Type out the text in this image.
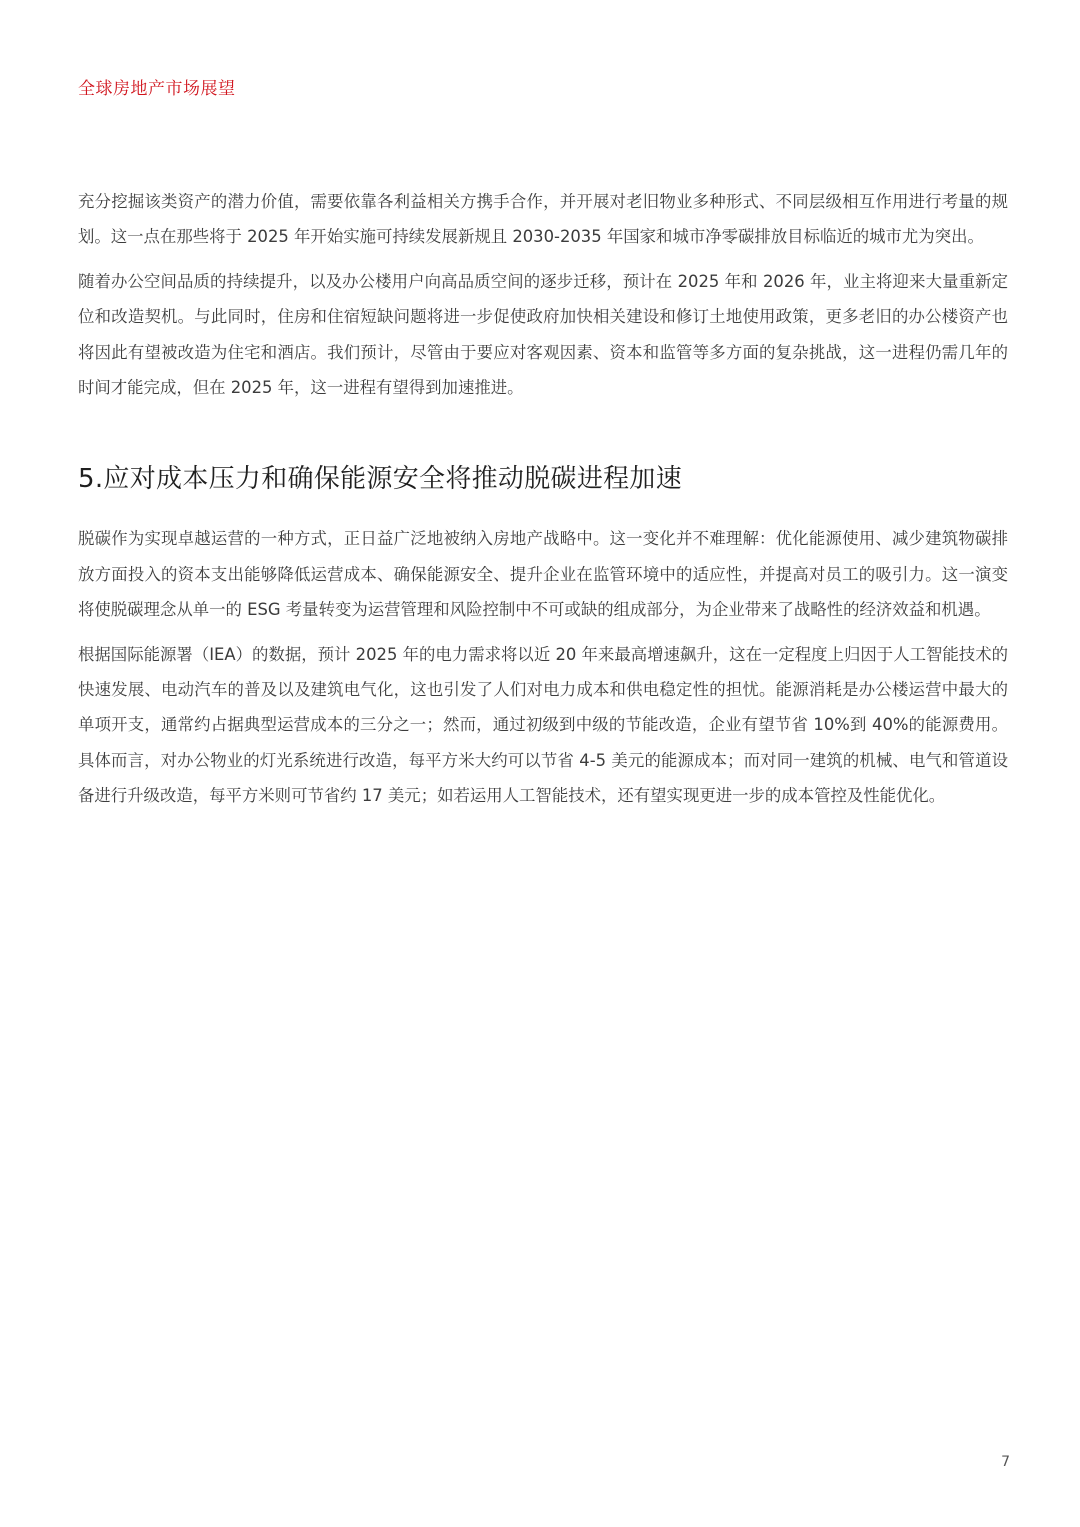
全球房地产市场展望

充分挖掘该类资产的潜力价值，需要依靠各利益相关方携手合作，并开展对老旧物业多种形式、不同层级相互作用进行考量的规划。这一点在那些将于 2025 年开始实施可持续发展新规且 2030-2035 年国家和城市净零碳排放目标临近的城市尤为突出。

随着办公空间品质的持续提升，以及办公楼用户向高品质空间的逐步迁移，预计在 2025 年和 2026 年，业主将迎来大量重新定位和改造契机。与此同时，住房和住宿短缺问题将进一步促使政府加快相关建设和修订土地使用政策，更多老旧的办公楼资产也将因此有望被改造为住宅和酒店。我们预计，尽管由于要应对客观因素、资本和监管等多方面的复杂挑战，这一进程仍需几年的时间才能完成，但在 2025 年，这一进程有望得到加速推进。

5.应对成本压力和确保能源安全将推动脱碳进程加速

脱碳作为实现卓越运营的一种方式，正日益广泛地被纳入房地产战略中。这一变化并不难理解：优化能源使用、减少建筑物碳排放方面投入的资本支出能够降低运营成本、确保能源安全、提升企业在监管环境中的适应性，并提高对员工的吸引力。这一演变将使脱碳理念从单一的 ESG 考量转变为运营管理和风险控制中不可或缺的组成部分，为企业带来了战略性的经济效益和机遇。

根据国际能源署（IEA）的数据，预计 2025 年的电力需求将以近 20 年来最高增速飙升，这在一定程度上归因于人工智能技术的快速发展、电动汽车的普及以及建筑电气化，这也引发了人们对电力成本和供电稳定性的担忧。能源消耗是办公楼运营中最大的单项开支，通常约占据典型运营成本的三分之一；然而，通过初级到中级的节能改造，企业有望节省 10%到 40%的能源费用。具体而言，对办公物业的灯光系统进行改造，每平方米大约可以节省 4-5 美元的能源成本；而对同一建筑的机械、电气和管道设备进行升级改造，每平方米则可节省约 17 美元；如若运用人工智能技术，还有望实现更进一步的成本管控及性能优化。

7
